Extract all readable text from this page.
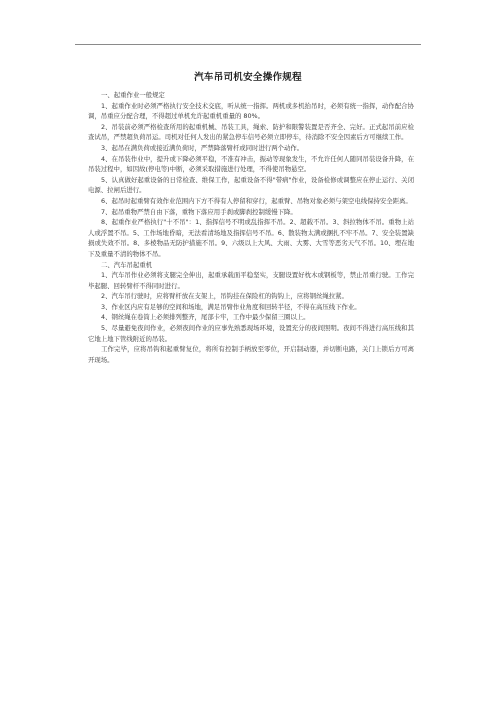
汽车吊司机安全操作规程

一、起重作业一般规定

1、起重作业时必须严格执行安全技术交底，听从统一指挥。两机或多机抬吊时，必须有统一指挥，动作配合协调，吊重应分配合理，不得超过单机允许起重机重量的 80%。

2、吊装前必须严格检查所用的起重机械、吊装工具，绳索、防护和限警装置是否齐全、完好。正式起吊前应检查试吊，严禁超负荷吊运。司机对任何人发出的紧急停车信号必须立即停车，待消除不安全因素后方可继续工作。

3、起吊在满负荷或接近满负荷时，严禁降落臂杆或同时进行两个动作。

4、在吊装作业中，提升或下降必须平稳，不准有冲击，振动等现象发生，不允许任何人随同吊装设备升降，在吊装过程中，如因故(停电等)中断，必须采取措施进行处理，不得使吊物悬空。

5、认真做好起重设备的日常检查、维保工作，起重设备不得"带病"作业，设备检修或调整应在停止运行、关闭电源、拉闸后进行。

6、起吊时起重臂有效作业范围内下方不得有人停留和穿行，起重臂、吊物对象必须与架空电线保持安全距离。

7、起吊重物严禁自由下落，重物下落应用手刹或脚刹控制缓慢下降。

8、起重作业严格执行"十不吊"：1、指挥信号不明或乱指挥不吊。2、超载不吊。3、斜拉物体不吊。重物上站人或浮置不吊。5、工作场地昏暗，无法看清场地及指挥信号不吊。6、散装物太满或捆扎不牢不吊。7、安全装置缺损或失效不吊。8、多棱物品无防护措施不吊。9、六级以上大风、大雨、大雾、大雪等恶劣天气不吊。10、埋在地下及重量不清的物体不吊。

二、汽车吊起重机

1、汽车吊作业必须将支腿完全伸出，起重承载面平稳坚实，支腿设置好枕木或钢板等，禁止吊重行驶。工作完毕起腿、回转臂杆不得同时进行。

2、汽车吊行驶时，应将臂杆放在支架上，吊钩挂在保险杠的钩钩上，应将钢丝绳拉紧。

3、作业区内应有足够的空间和场地，满足吊臂作业角度和回转半径，不得在高压线下作业。

4、钢丝绳在卷筒上必须排列整齐，尾部卡牢，工作中最少保留三圈以上。

5、尽量避免夜间作业，必须夜间作业的应事先熟悉现场环境，设置充分的夜间照明。夜间不得进行高压线和其它地上地下管线附近的吊装。

工作完毕，应将吊钩和起重臂复位，将所有控制手柄放至零位，开启制动器，并切断电路，关门上锁后方可离开现场。
